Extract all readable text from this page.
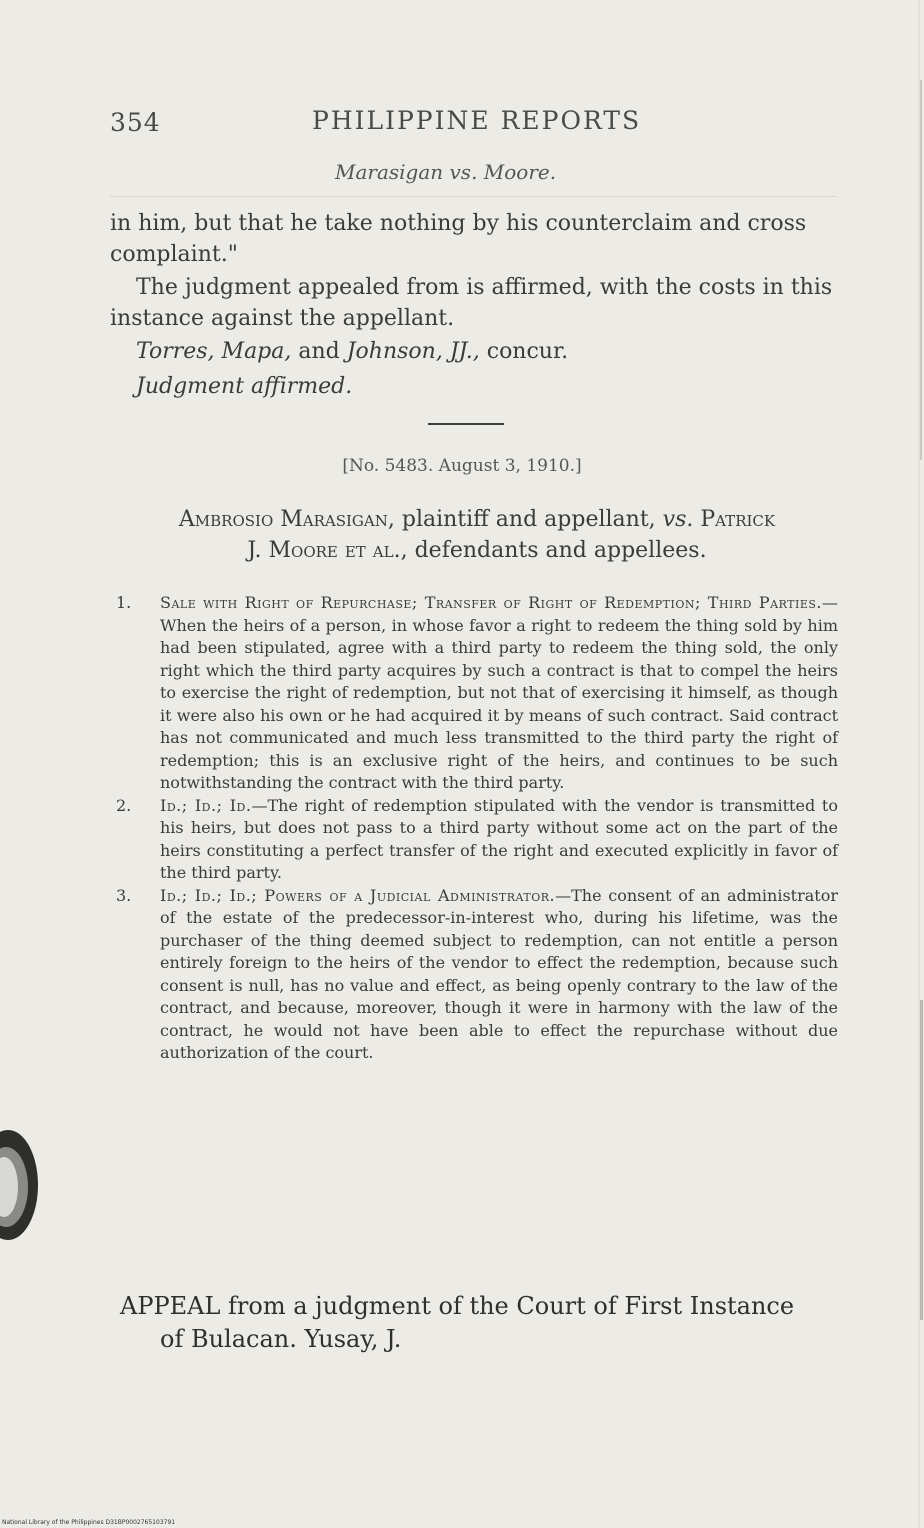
354	PHILIPPINE REPORTS
Marasigan vs. Moore.
in him, but that he take nothing by his counterclaim and cross complaint."
The judgment appealed from is affirmed, with the costs in this instance against the appellant.
Torres, Mapa, and Johnson, JJ., concur.
Judgment affirmed.
[No. 5483. August 3, 1910.]
Ambrosio Marasigan, plaintiff and appellant, vs. Patrick
J. Moore et al., defendants and appellees.
1. Sale with Right of Repurchase; Transfer of Right of Redemption; Third Parties.—When the heirs of a person, in whose favor a right to redeem the thing sold by him had been stipulated, agree with a third party to redeem the thing sold, the only right which the third party acquires by such a contract is that to compel the heirs to exercise the right of redemption, but not that of exercising it himself, as though it were also his own or he had acquired it by means of such contract. Said contract has not communicated and much less transmitted to the third party the right of redemption; this is an exclusive right of the heirs, and continues to be such notwithstanding the contract with the third party.
2. Id.; Id.; Id.—The right of redemption stipulated with the vendor is transmitted to his heirs, but does not pass to a third party without some act on the part of the heirs constituting a perfect transfer of the right and executed explicitly in favor of the third party.
3. Id.; Id.; Id.; Powers of a Judicial Administrator.—The consent of an administrator of the estate of the predecessor-in-interest who, during his lifetime, was the purchaser of the thing deemed subject to redemption, can not entitle a person entirely foreign to the heirs of the vendor to effect the redemption, because such consent is null, has no value and effect, as being openly contrary to the law of the contract, and because, moreover, though it were in harmony with the law of the contract, he would not have been able to effect the repurchase without due authorization of the court.
APPEAL from a judgment of the Court of First Instance
of Bulacan. Yusay, J.
National Library of the Philippines D31BP0002765103791
